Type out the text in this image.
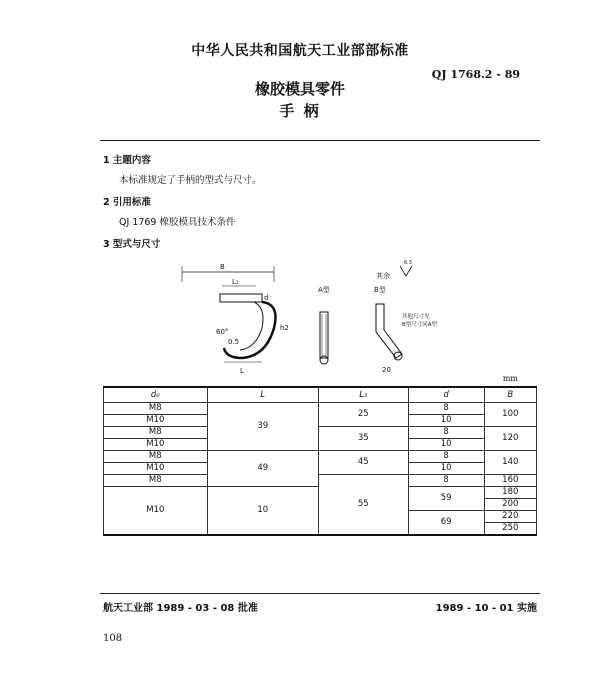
中华人民共和国航天工业部部标准
QJ 1768.2 - 89
橡胶模具零件
手 柄
1 主题内容
本标准规定了手柄的型式与尺寸。
2 引用标准
QJ 1769 橡胶模具技术条件
3 型式与尺寸
B
L₁
L
d
h2
0.5
60°
A型	B型
20
其余
6.3
其他尺寸见
B型尺寸同A型
mm
d₀	L	L₁	d	B
M8	39	25	8	100
M10			10	
M8		35	8	120
M10			10	
M8	49	45	8	140
M10			10	
M8		55	8	160
M10	10			
			59	180
				200
			69	220
				250
航天工业部 1989 - 03 - 08 批准	1989 - 10 - 01 实施
108
